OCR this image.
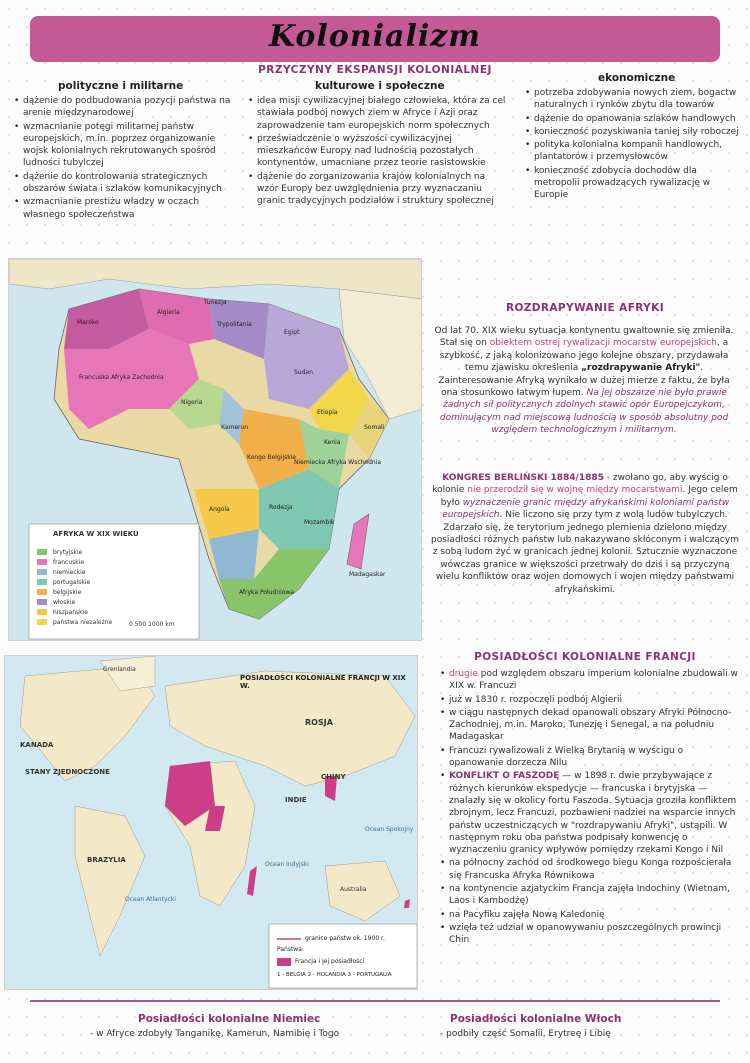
Kolonializm
PRZYCZYNY EKSPANSJI KOLONIALNEJ
polityczne i militarne	kulturowe i społeczne
ekonomiczne
• dążenie do podbudowania pozycji państwa na arenie międzynarodowej
• wzmacnianie potęgi militarnej państw europejskich, m.in. poprzez organizowanie wojsk kolonialnych rekrutowanych spośród ludności tubylczej
• dążenie do kontrolowania strategicznych obszarów świata i szlaków komunikacyjnych
• wzmacnianie prestiżu władzy w oczach własnego społeczeństwa
• idea misji cywilizacyjnej białego człowieka, która za cel stawiała podbój nowych ziem w Afryce i Azji oraz zaprowadzenie tam europejskich norm społecznych
• przeświadczenie o wyższości cywilizacyjnej mieszkańców Europy nad ludnością pozostałych kontynentów, umacniane przez teorie rasistowskie
• dążenie do zorganizowania krajów kolonialnych na wzór Europy bez uwzględnienia przy wyznaczaniu granic tradycyjnych podziałów i struktury społecznej
• potrzeba zdobywania nowych ziem, bogactw naturalnych i rynków zbytu dla towarów
• dążenie do opanowania szlaków handlowych
• konieczność pozyskiwania taniej siły roboczej
• polityka kolonialna kompanii handlowych, plantatorów i przemysłowców
• konieczność zdobycia dochodów dla metropolii prowadzących rywalizację w Europie
AFRYKA W XIX WIEKU
brytyjskie
francuskie
niemieckie
portugalskie
belgijskie
włoskie
hiszpańskie
państwa niezależne	0 500 1000 km
Maroko
Algieria
Tunezja
Trypolitania
Egipt
Sudan
Francuska Afryka Zachodnia
Nigeria
Kamerun
Kongo Belgijskie
Angola
Etiopia
Niemiecka Afryka Wschodnia
Afryka Południowa
Madagaskar
Mozambik
Rodezja
Kenia
Somali
ROZDRAPYWANIE AFRYKI
Od lat 70. XIX wieku sytuacja kontynentu gwałtownie się zmieniła. Stał się on obiektem ostrej rywalizacji mocarstw europejskich, a szybkość, z jaką kolonizowano jego kolejne obszary, przydawała temu zjawisku określenia „rozdrapywanie Afryki". Zainteresowanie Afryką wynikało w dużej mierze z faktu, że była ona stosunkowo łatwym łupem. Na jej obszarze nie było prawie żadnych sił politycznych zdolnych stawić opór Europejczykom, dominującym nad miejscową ludnością w sposób absolutny pod względem technologicznym i militarnym.
KONGRES BERLIŃSKI 1884/1885 - zwołano go, aby wyścig o kolonie nie przerodził się w wojnę między mocarstwami. Jego celem było wyznaczenie granic między afrykańskimi koloniami państw europejskich. Nie liczono się przy tym z wolą ludów tubylczych. Zdarzało się, że terytorium jednego plemienia dzielono między posiadłości różnych państw lub nakazywano skłóconym i walczącym z sobą ludom żyć w granicach jednej kolonii. Sztucznie wyznaczone wówczas granice w większości przetrwały do dziś i są przyczyną wielu konfliktów oraz wojen domowych i wojen między państwami afrykańskimi.
POSIADŁOŚCI KOLONIALNE FRANCJI W XIX W.
KANADA
STANY ZJEDNOCZONE
BRAZYLIA
ROSJA
CHINY
INDIE
Grenlandia
Australia
Ocean Atlantycki
Ocean Indyjski
Ocean Spokojny
granice państw ok. 1900 r.
Państwa:
Francja i jej posiadłości
1 - BELGIA 2 - HOLANDIA 3 - PORTUGALIA
POSIADŁOŚCI KOLONIALNE FRANCJI
• drugie pod względem obszaru imperium kolonialne zbudowali w XIX w. Francuzi
• już w 1830 r. rozpoczęli podbój Algierii
• w ciągu następnych dekad opanowali obszary Afryki Północno-Zachodniej, m.in. Maroko, Tunezję i Senegal, a na południu Madagaskar
• Francuzi rywalizowali z Wielką Brytanią w wyścigu o opanowanie dorzecza Nilu
• KONFLIKT O FASZODĘ — w 1898 r. dwie przybywające z różnych kierunków ekspedycje — francuska i brytyjska — znalazły się w okolicy fortu Faszoda. Sytuacja groziła konfliktem zbrojnym, lecz Francuzi, pozbawieni nadziei na wsparcie innych państw uczestniczących w "rozdrapywaniu Afryki", ustąpili. W następnym roku oba państwa podpisały konwencję o wyznaczeniu granicy wpływów pomiędzy rzekami Kongo i Nil
• na północny zachód od środkowego biegu Konga rozpościerała się Francuska Afryka Równikowa
• na kontynencie azjatyckim Francja zajęła Indochiny (Wietnam, Laos i Kambodżę)
• na Pacyfiku zajęła Nową Kaledonię
• wzięła też udział w opanowywaniu poszczególnych prowincji Chin
Posiadłości kolonialne Niemiec
- w Afryce zdobyły Tanganikę, Kamerun, Namibię i Togo
Posiadłości kolonialne Włoch
- podbiły część Somalii, Erytreę i Libię
